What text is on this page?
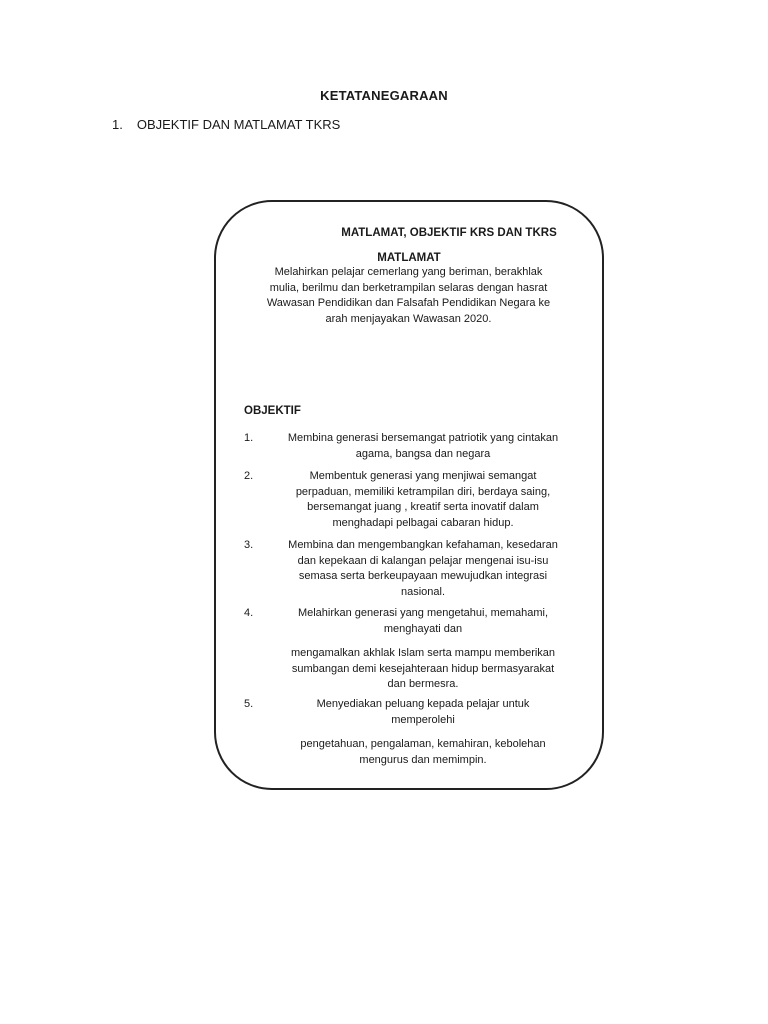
KETATANEGARAAN
1. OBJEKTIF DAN MATLAMAT TKRS
MATLAMAT, OBJEKTIF KRS DAN TKRS
MATLAMAT
Melahirkan pelajar cemerlang yang beriman, berakhlak
mulia, berilmu dan berketrampilan selaras dengan hasrat
Wawasan Pendidikan dan Falsafah Pendidikan Negara ke
arah menjayakan Wawasan 2020.
OBJEKTIF
1.	Membina generasi bersemangat patriotik yang cintakan
agama, bangsa dan negara
2.	Membentuk generasi yang menjiwai semangat
perpaduan, memiliki ketrampilan diri, berdaya saing,
bersemangat juang , kreatif serta inovatif dalam
menghadapi pelbagai cabaran hidup.
3.	Membina dan mengembangkan kefahaman, kesedaran
dan kepekaan di kalangan pelajar mengenai isu-isu
semasa serta berkeupayaan mewujudkan integrasi
nasional.
4.	Melahirkan generasi yang mengetahui, memahami,
menghayati dan
mengamalkan akhlak Islam serta mampu memberikan
sumbangan demi kesejahteraan hidup bermasyarakat
dan bermesra.
5.	Menyediakan peluang kepada pelajar untuk
memperolehi
pengetahuan, pengalaman, kemahiran, kebolehan
mengurus dan memimpin.
